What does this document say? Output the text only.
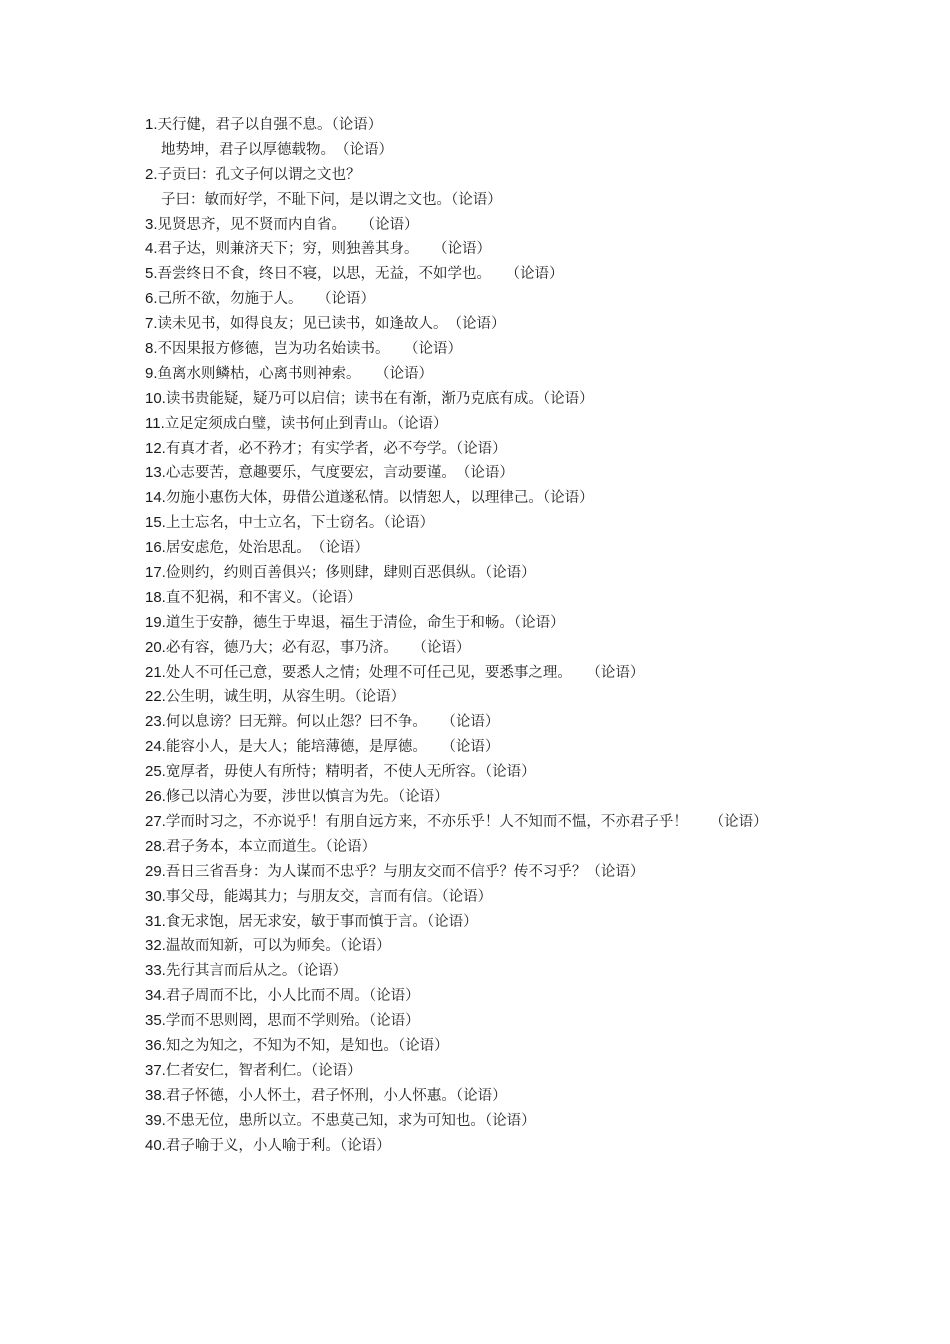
1.天行健，君子以自强不息。（论语）
地势坤，君子以厚德载物。　（论语）
2.子贡曰：孔文子何以谓之文也？
子曰：敏而好学，不耻下问，是以谓之文也。（论语）
3.见贤思齐，见不贤而内自省。　　（论语）
4.君子达，则兼济天下；穷，则独善其身。　　（论语）
5.吾尝终日不食，终日不寝，以思，无益，不如学也。　　（论语）
6.己所不欲，勿施于人。　　（论语）
7.读未见书，如得良友；见已读书，如逢故人。　（论语）
8.不因果报方修德，岂为功名始读书。　　（论语）
9.鱼离水则鳞枯，心离书则神索。　　（论语）
10.读书贵能疑，疑乃可以启信；读书在有渐，渐乃克底有成。（论语）
11.立足定须成白璧，读书何止到青山。（论语）
12.有真才者，必不矜才；有实学者，必不夸学。（论语）
13.心志要苦，意趣要乐，气度要宏，言动要谨。　（论语）
14.勿施小惠伤大体，毋借公道遂私情。以情恕人，以理律己。（论语）
15.上士忘名，中士立名，下士窃名。（论语）
16.居安虑危，处治思乱。　（论语）
17.俭则约，约则百善俱兴；侈则肆，肆则百恶俱纵。（论语）
18.直不犯祸，和不害义。（论语）
19.道生于安静，德生于卑退，福生于清俭，命生于和畅。（论语）
20.必有容，德乃大；必有忍，事乃济。　　（论语）
21.处人不可任己意，要悉人之情；处理不可任己见，要悉事之理。　　（论语）
22.公生明，诚生明，从容生明。（论语）
23.何以息谤？曰无辩。何以止怨？曰不争。　　（论语）
24.能容小人，是大人；能培薄德，是厚德。　　（论语）
25.宽厚者，毋使人有所恃；精明者，不使人无所容。（论语）
26.修己以清心为要，涉世以慎言为先。（论语）
27.学而时习之，不亦说乎！有朋自远方来，不亦乐乎！人不知而不愠，不亦君子乎！　　（论语）
28.君子务本，本立而道生。（论语）
29.吾日三省吾身：为人谋而不忠乎？与朋友交而不信乎？传不习乎？（论语）
30.事父母，能竭其力；与朋友交，言而有信。（论语）
31.食无求饱，居无求安，敏于事而慎于言。（论语）
32.温故而知新，可以为师矣。（论语）
33.先行其言而后从之。（论语）
34.君子周而不比，小人比而不周。（论语）
35.学而不思则罔，思而不学则殆。（论语）
36.知之为知之，不知为不知，是知也。（论语）
37.仁者安仁，智者利仁。（论语）
38.君子怀德，小人怀土，君子怀刑，小人怀惠。（论语）
39.不患无位，患所以立。不患莫己知，求为可知也。（论语）
40.君子喻于义，小人喻于利。（论语）
